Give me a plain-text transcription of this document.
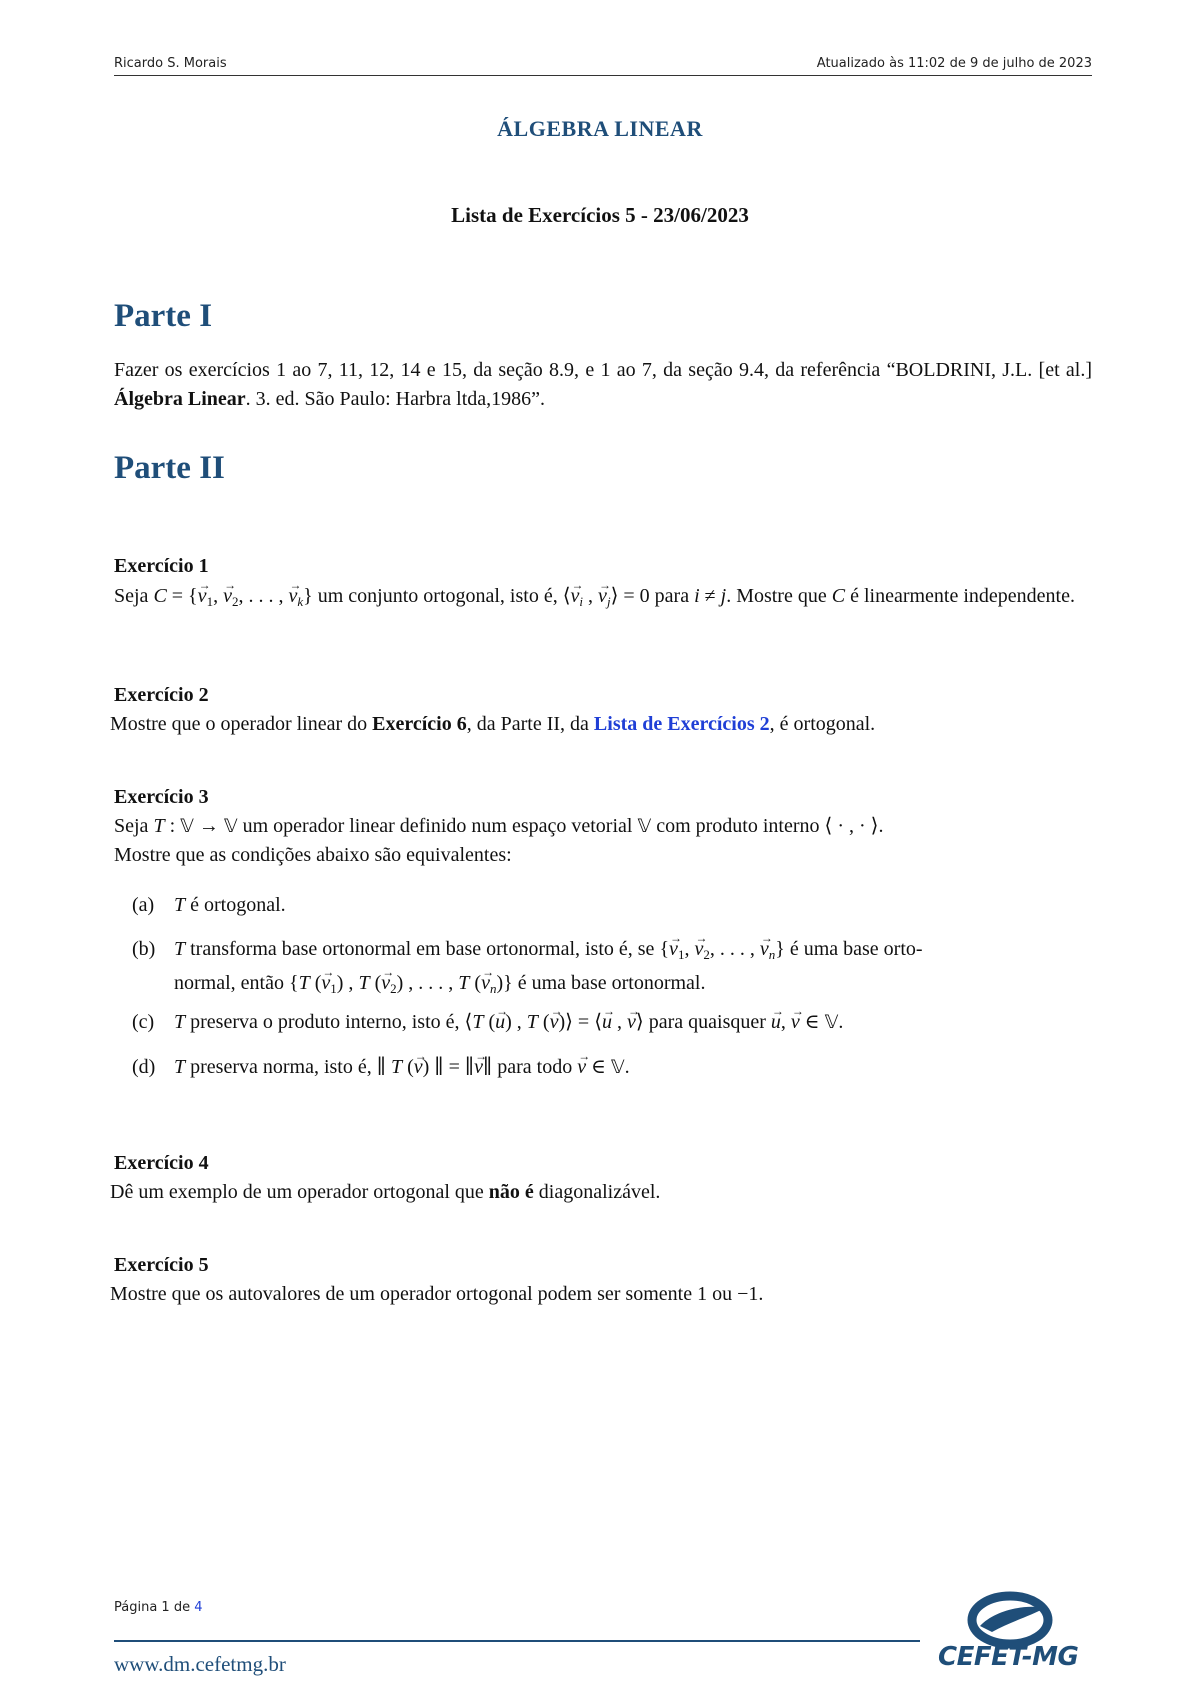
Ricardo S. Morais	Atualizado às 11:02 de 9 de julho de 2023
ÁLGEBRA LINEAR
Lista de Exercícios 5 - 23/06/2023
Parte I
Fazer os exercícios 1 ao 7, 11, 12, 14 e 15, da seção 8.9, e 1 ao 7, da seção 9.4, da referência “BOLDRINI, J.L. [et al.] Álgebra Linear. 3. ed. São Paulo: Harbra ltda,1986”.
Parte II
Exercício 1
Seja C = {→ $v_1$, → $v_2$, . . . , → $v_k$} um conjunto ortogonal, isto é, ⟨→ $v_i$ , → $v_j⟩ = 0$ para i ≠ j. Mostre que C é linearmente independente.
Exercício 2
Mostre que o operador linear do Exercício 6, da Parte II, da Lista de Exercícios 2, é ortogonal.
Exercício 3
Seja T : 𝕍 → 𝕍 um operador linear definido num espaço vetorial 𝕍 com produto interno ⟨ · , · ⟩.
Mostre que as condições abaixo são equivalentes:
(a) T é ortogonal.
(b) T transforma base ortonormal em base ortonormal, isto é, se {→ $v_1$, → $v_2$, . . . , → $v_n$} é uma base orto-
normal, então {T (→ $v_1$) , T (→ $v_2$) , . . . , T (→ $v_n$)} é uma base ortonormal.
(c) T preserva o produto interno, isto é, ⟨T (→ u) , T (→ v)⟩ = ⟨→ u , → v⟩ para quaisquer → u, → v ∈ 𝕍.
(d) T preserva norma, isto é, ∥ T (→ v) ∥ = ∥→ v∥ para todo → v ∈ 𝕍.
Exercício 4
Dê um exemplo de um operador ortogonal que não é diagonalizável.
Exercício 5
Mostre que os autovalores de um operador ortogonal podem ser somente 1 ou −1.
Página 1 de 4
www.dm.cefetmg.br	CEFET-MG
